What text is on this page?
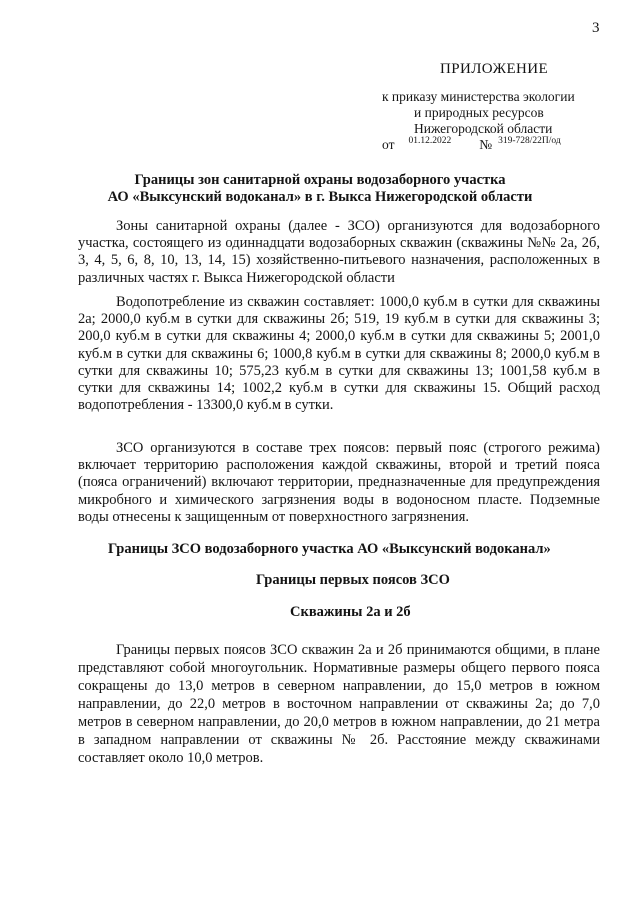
3
ПРИЛОЖЕНИЕ
к приказу министерства экологии
и природных ресурсов
Нижегородской области
от $^{01.12.2022}$ № $^{319-728/22П/од}$
Границы зон санитарной охраны водозаборного участка
АО «Выксунский водоканал» в г. Выкса Нижегородской области
Зоны санитарной охраны (далее - ЗСО) организуются для водозаборного участка, состоящего из одиннадцати водозаборных скважин (скважины №№ 2а, 2б, 3, 4, 5, 6, 8, 10, 13, 14, 15) хозяйственно-питьевого назначения, расположенных в различных частях г. Выкса Нижегородской области
Водопотребление из скважин составляет: 1000,0 куб.м в сутки для скважины 2а; 2000,0 куб.м в сутки для скважины 2б; 519, 19 куб.м в сутки для скважины 3; 200,0 куб.м в сутки для скважины 4; 2000,0 куб.м в сутки для скважины 5; 2001,0 куб.м в сутки для скважины 6; 1000,8 куб.м в сутки для скважины 8; 2000,0 куб.м в сутки для скважины 10; 575,23 куб.м в сутки для скважины 13; 1001,58 куб.м в сутки для скважины 14; 1002,2 куб.м в сутки для скважины 15. Общий расход водопотребления - 13300,0 куб.м в сутки.
ЗСО организуются в составе трех поясов: первый пояс (строгого режима) включает территорию расположения каждой скважины, второй и третий пояса (пояса ограничений) включают территории, предназначенные для предупреждения микробного и химического загрязнения воды в водоносном пласте. Подземные воды отнесены к защищенным от поверхностного загрязнения.
Границы ЗСО водозаборного участка АО «Выксунский водоканал»
Границы первых поясов ЗСО
Скважины 2а и 2б
Границы первых поясов ЗСО скважин 2а и 2б принимаются общими, в плане представляют собой многоугольник. Нормативные размеры общего первого пояса сокращены до 13,0 метров в северном направлении, до 15,0 метров в южном направлении, до 22,0 метров в восточном направлении от скважины 2а; до 7,0 метров в северном направлении, до 20,0 метров в южном направлении, до 21 метра в западном направлении от скважины № 2б. Расстояние между скважинами составляет около 10,0 метров.
